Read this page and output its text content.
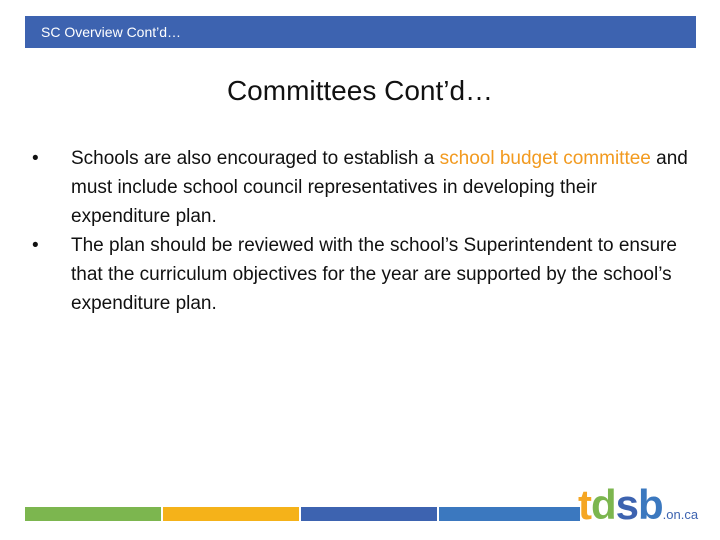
SC Overview Cont’d…
Committees Cont’d…
• Schools are also encouraged to establish a school budget committee and must include school council representatives in developing their expenditure plan.
• The plan should be reviewed with the school’s Superintendent to ensure that the curriculum objectives for the year are supported by the school’s expenditure plan.
tdsb.on.ca
